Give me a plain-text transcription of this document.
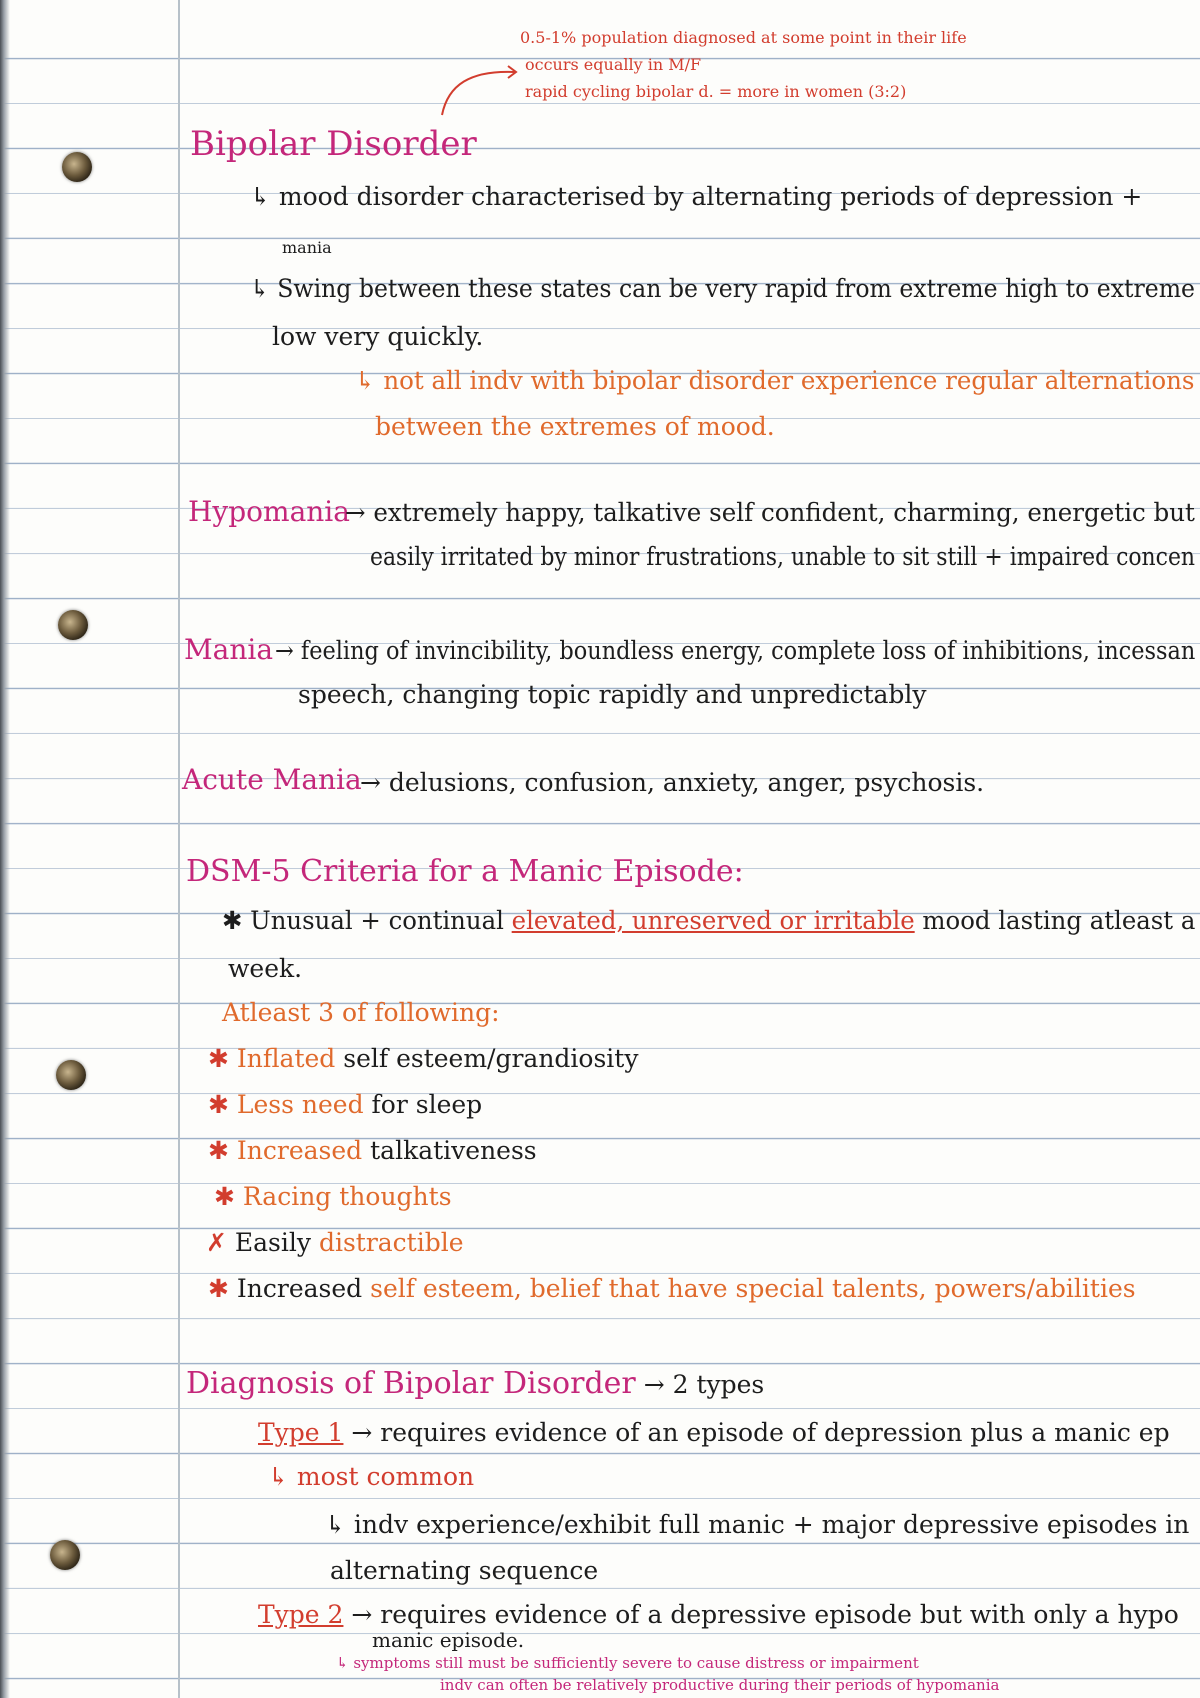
0.5-1% population diagnosed at some point in their life
occurs equally in M/F
rapid cycling bipolar d. = more in women (3:2)
Bipolar Disorder
↳ mood disorder characterised by alternating periods of depression +
mania
↳ Swing between these states can be very rapid from extreme high to extreme
low very quickly.
↳ not all indv with bipolar disorder experience regular alternations
between the extremes of mood.
Hypomania
→ extremely happy, talkative self confident, charming, energetic but
easily irritated by minor frustrations, unable to sit still + impaired concen
Mania → feeling of invincibility, boundless energy, complete loss of inhibitions, incessan
speech, changing topic rapidly and unpredictably
Acute Mania
→ delusions, confusion, anxiety, anger, psychosis.
DSM-5 Criteria for a Manic Episode:
✱ Unusual + continual elevated, unreserved or irritable mood lasting atleast a
week.
Atleast 3 of following:
✱ Inflated self esteem/grandiosity
✱ Less need for sleep
✱ Increased talkativeness
✱ Racing thoughts
✗ Easily distractible
✱ Increased self esteem, belief that have special talents, powers/abilities
Diagnosis of Bipolar Disorder → 2 types
Type 1 → requires evidence of an episode of depression plus a manic ep
↳ most common
↳ indv experience/exhibit full manic + major depressive episodes in
alternating sequence
Type 2 → requires evidence of a depressive episode but with only a hypo
manic episode.
↳ symptoms still must be sufficiently severe to cause distress or impairment
indv can often be relatively productive during their periods of hypomania
